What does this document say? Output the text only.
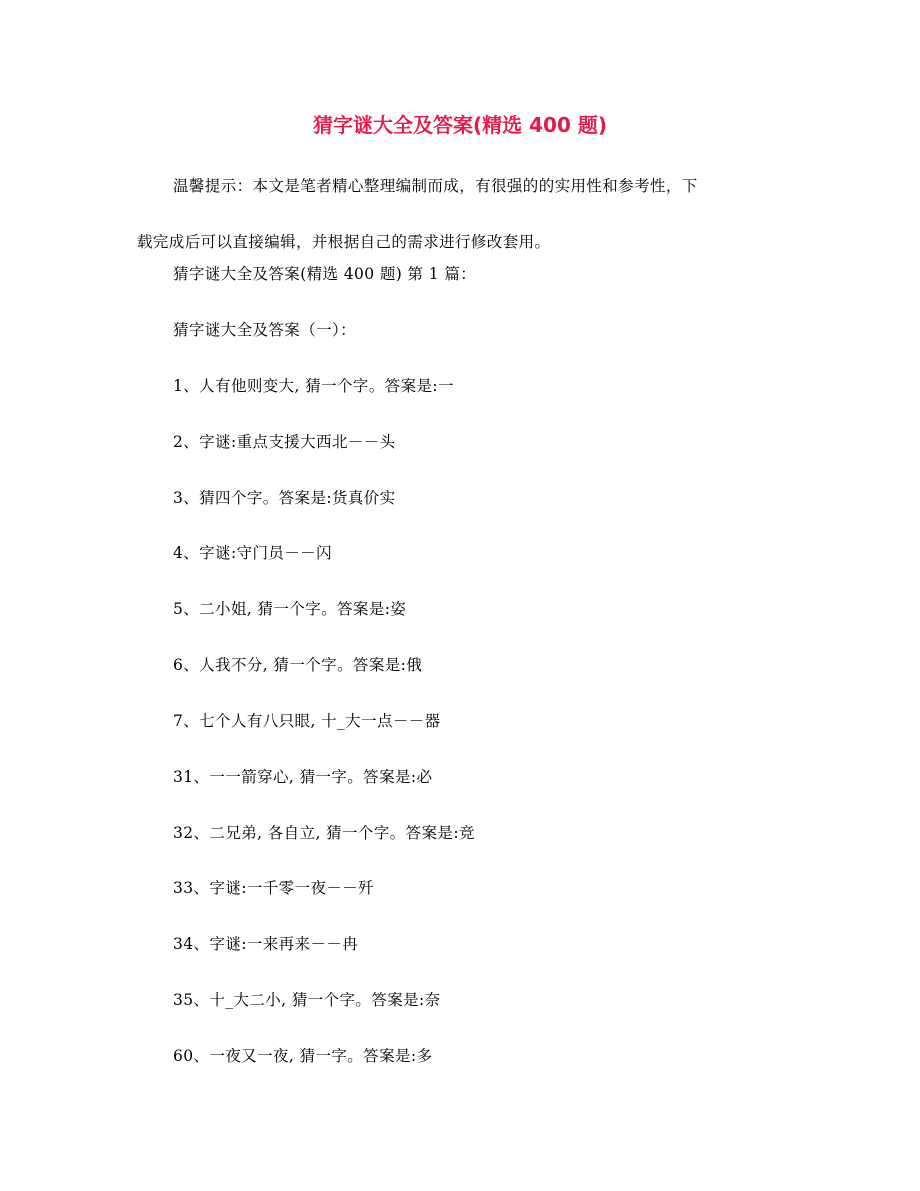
猜字谜大全及答案(精选 400 题)
温馨提示：本文是笔者精心整理编制而成，有很强的的实用性和参考性，下
载完成后可以直接编辑，并根据自己的需求进行修改套用。
猜字谜大全及答案(精选 400 题) 第 1 篇：
猜字谜大全及答案（一）：
1、人有他则变大, 猜一个字。答案是:一
2、字谜:重点支援大西北－－头
3、猜四个字。答案是:货真价实
4、字谜:守门员－－闪
5、二小姐, 猜一个字。答案是:姿
6、人我不分, 猜一个字。答案是:俄
7、七个人有八只眼, 十_大一点－－器
31、一一箭穿心, 猜一字。答案是:必
32、二兄弟, 各自立, 猜一个字。答案是:竞
33、字谜:一千零一夜－－歼
34、字谜:一来再来－－冉
35、十_大二小, 猜一个字。答案是:奈
60、一夜又一夜, 猜一字。答案是:多
